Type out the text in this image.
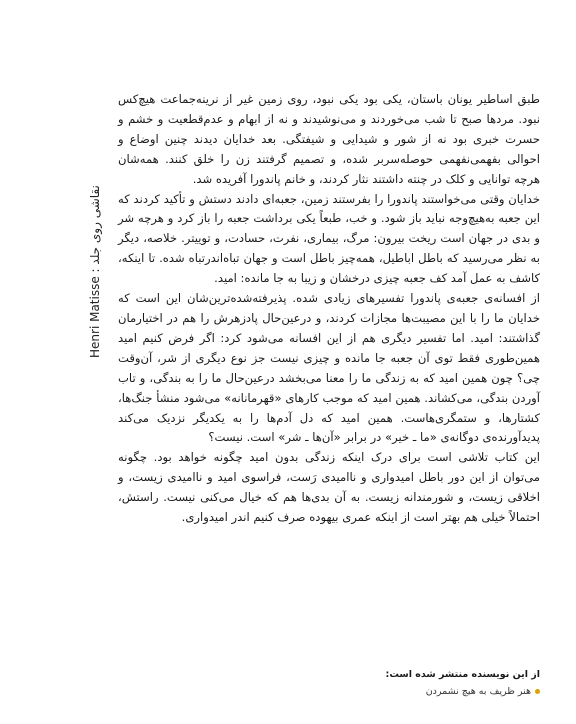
Henri Matisse : نقاشی روی جلد

طبق اساطیر یونان باستان، یکی بود یکی نبود، روی زمین غیر از نرینه‌جماعت هیچ‌کس نبود. مردها صبح تا شب می‌خوردند و می‌نوشیدند و نه از ابهام و عدم‌قطعیت و خشم و حسرت خبری بود نه از شور و شیدایی و شیفتگی. بعد خدایان دیدند چنین اوضاع و احوالی بفهمی‌نفهمی حوصله‌سربر شده، و تصمیم گرفتند زن را خلق کنند. همه‌شان هرچه توانایی و کلک در چنته داشتند نثار کردند، و خانم پاندورا آفریده شد.

خدایان وقتی می‌خواستند پاندورا را بفرستند زمین، جعبه‌ای دادند دستش و تأکید کردند که این جعبه به‌هیچ‌وجه نباید باز شود. و خب، طبعاً یکی برداشت جعبه را باز کرد و هرچه شر و بدی در جهان است ریخت بیرون: مرگ، بیماری، نفرت، حسادت، و توییتر. خلاصه، دیگر به نظر می‌رسید که باطل اباطیل، همه‌چیز باطل است و جهان تباه‌اندرتباه شده. تا اینکه، کاشف به عمل آمد کف جعبه چیزی درخشان و زیبا به جا مانده: امید.

از افسانه‌ی جعبه‌ی پاندورا تفسیرهای زیادی شده. پذیرفته‌شده‌ترین‌شان این است که خدایان ما را با این مصیبت‌ها مجازات کردند، و درعین‌حال پادزهرش را هم در اختیارمان گذاشتند: امید. اما تفسیر دیگری هم از این افسانه می‌شود کرد: اگر فرض کنیم امید همین‌طوری فقط توی آن جعبه جا مانده و چیزی نیست جز نوع دیگری از شر، آن‌وقت چی؟ چون همین امید که به زندگی ما را معنا می‌بخشد درعین‌حال ما را به بندگی، و تاب آوردن بندگی، می‌کشاند. همین امید که موجب کارهای «قهرمانانه» می‌شود منشأ جنگ‌ها، کشتارها، و ستمگری‌هاست. همین امید که دل آدم‌ها را به یکدیگر نزدیک می‌کند پدیدآورنده‌ی دوگانه‌ی «ما ـ خیر» در برابر «آن‌ها ـ شر» است. نیست؟

این کتاب تلاشی است برای درک اینکه زندگی بدون امید چگونه خواهد بود. چگونه می‌توان از این دور باطل امیدواری و ناامیدی رَست، فراسوی امید و ناامیدی زیست، و اخلاقی زیست، و شورمندانه زیست. به آن بدی‌ها هم که خیال می‌کنی نیست. راستش، احتمالاً خیلی هم بهتر است از اینکه عمری بیهوده صرف کنیم اندر امیدواری.

از این نویسنده منتشر شده است:
هنر ظریف به هیچ نشمردن
